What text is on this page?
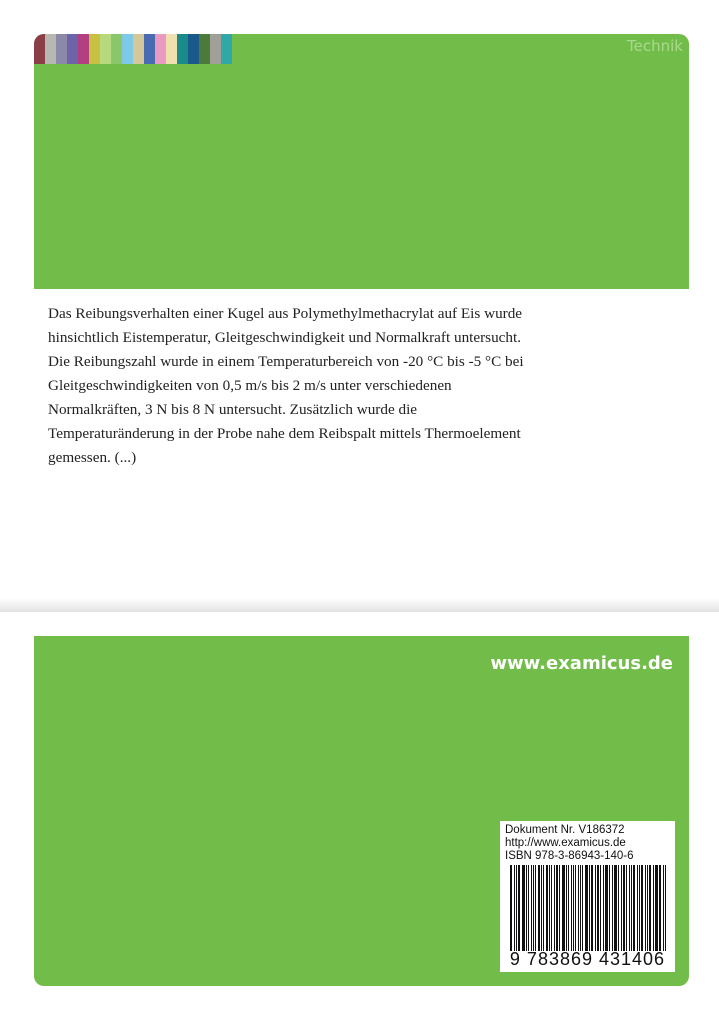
Technik
Das Reibungsverhalten einer Kugel aus Polymethylmethacrylat auf Eis wurde
hinsichtlich Eistemperatur, Gleitgeschwindigkeit und Normalkraft untersucht.
Die Reibungszahl wurde in einem Temperaturbereich von -20 °C bis -5 °C bei
Gleitgeschwindigkeiten von 0,5 m/s bis 2 m/s unter verschiedenen
Normalkräften, 3 N bis 8 N untersucht. Zusätzlich wurde die
Temperaturänderung in der Probe nahe dem Reibspalt mittels Thermoelement
gemessen. (...)
www.examicus.de
Dokument Nr. V186372
http://www.examicus.de
ISBN 978-3-86943-140-6
9 783869 431406
